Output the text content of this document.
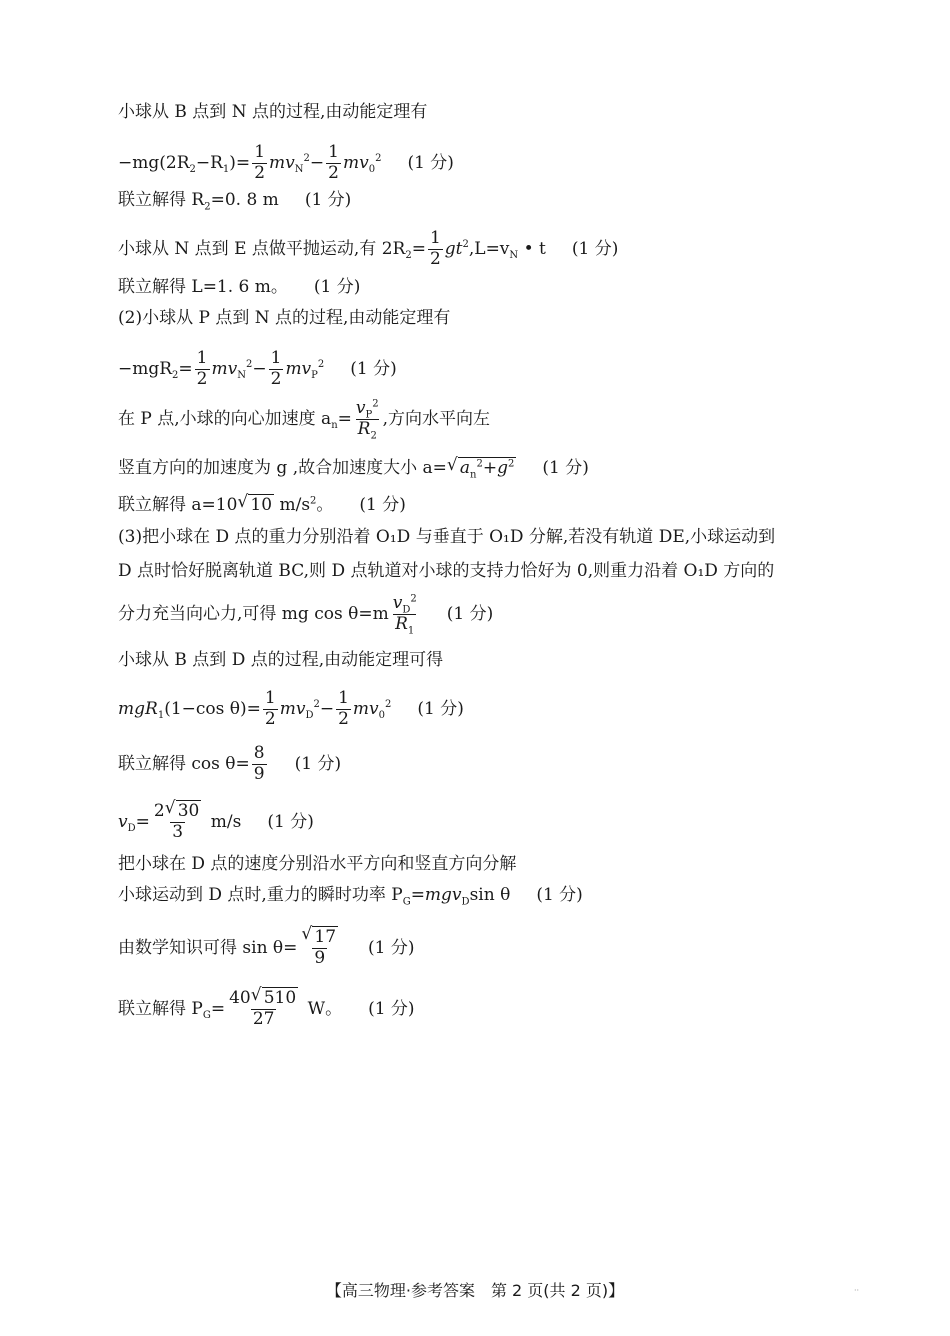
小球从 B 点到 N 点的过程,由动能定理有
$-mg(2R_2-R_1)= \frac{1}{2} mv_N^2- \frac{1}{2} mv_0^2$ (1 分)
联立解得 $R_2=0$. 8 m (1 分)
小球从 N 点到 E 点做平抛运动,有 $2R_2= \frac{1}{2} gt^2,L=v_N$ • t (1 分)
联立解得 L=1. 6 m。 (1 分)
(2)小球从 P 点到 N 点的过程,由动能定理有
$-mgR_2= \frac{1}{2} mv_N^2- \frac{1}{2} mv_P^2$ (1 分)
在 P 点,小球的向心加速度 $a_n= \frac{v_P^2}{R_2}$ ,方向水平向左
竖直方向的加速度为 g ,故合加速度大小 a= √ $a_n^2+g^2$ (1 分)
联立解得 a=10 √ 10 $m/s^2$。 (1 分)
(3)把小球在 D 点的重力分别沿着 O₁D 与垂直于 O₁D 分解,若没有轨道 DE,小球运动到
D 点时恰好脱离轨道 BC,则 D 点轨道对小球的支持力恰好为 0,则重力沿着 O₁D 方向的
分力充当向心力,可得 mg $\cos \theta=m \frac{v_D^2}{R_1} (1$ 分)
小球从 B 点到 D 点的过程,由动能定理可得
mgR$_1$(1−cos $\theta)= \frac{1}{2} mv_D^2- \frac{1}{2} mv_0^2$ (1 分)
联立解得 $\cos \theta= \frac{8}{9} (1$ 分)
$v_D= \frac{2 √ 30}{3} m/s$ (1 分)
把小球在 D 点的速度分别沿水平方向和竖直方向分解
小球运动到 D 点时,重力的瞬时功率 $P_G=mgv_D\sin$ θ (1 分)
由数学知识可得 $\sin \theta= \frac{√ 17}{9} (1$ 分)
联立解得 $P_G= \frac{40 √ 510}{27}$ W。 (1 分)
【高三物理·参考答案　第 2 页(共 2 页)】	··
